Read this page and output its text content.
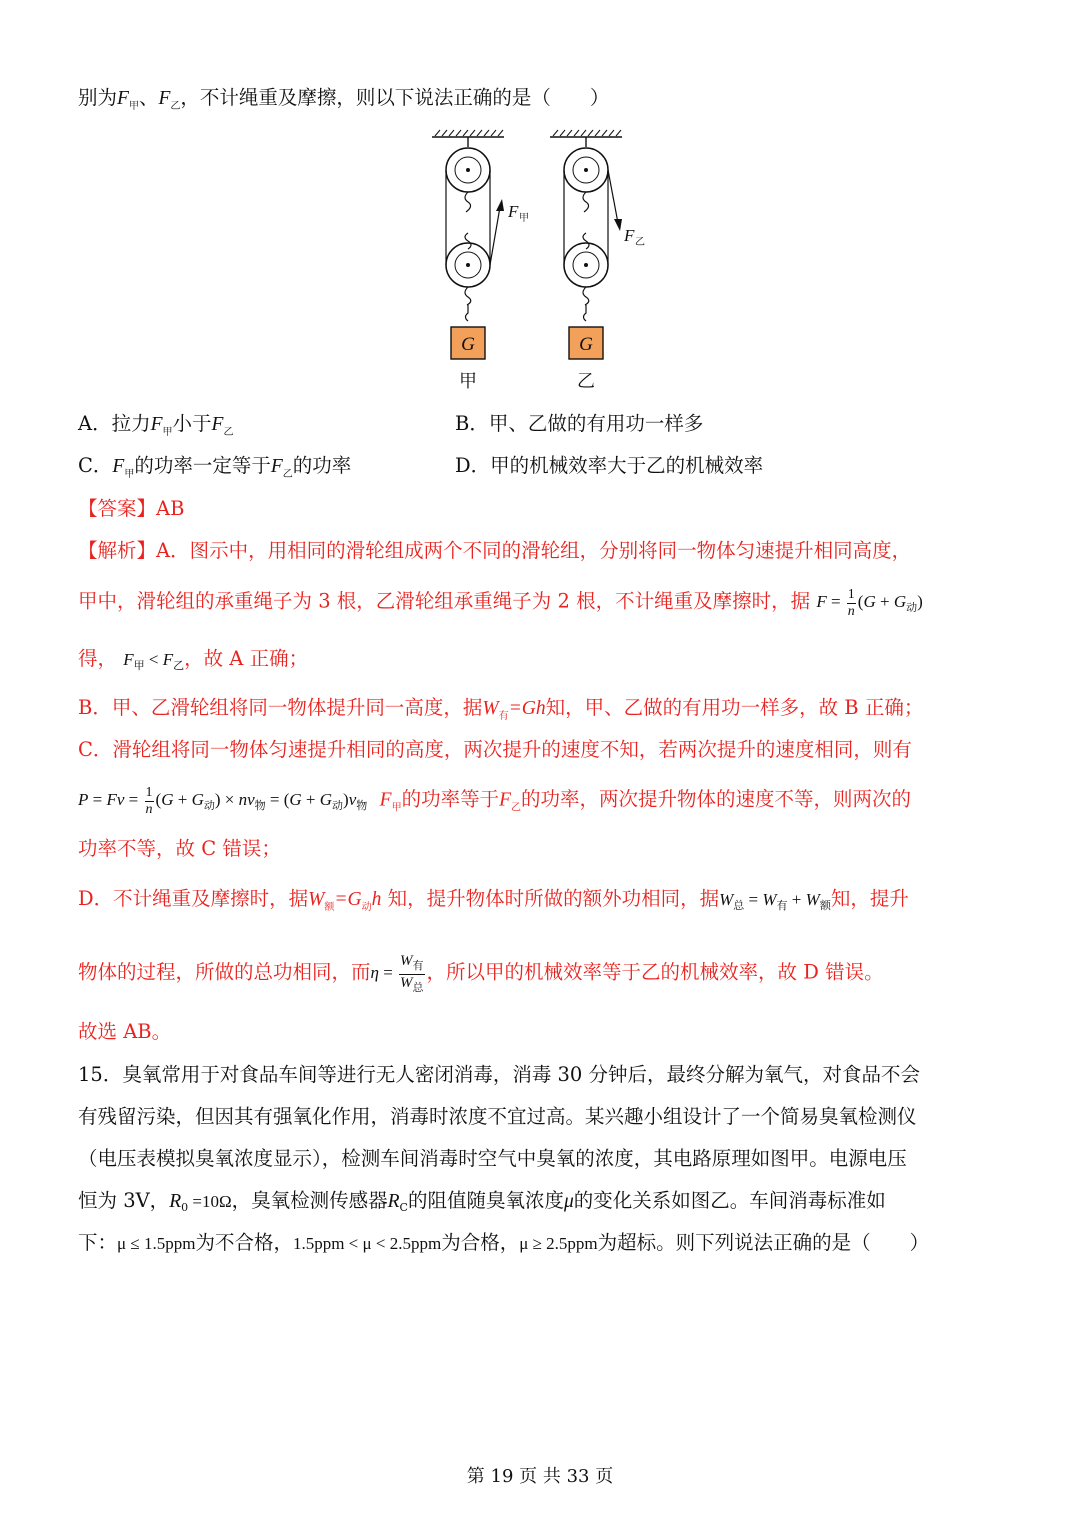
别为$F_甲$、$F_乙$，不计绳重及摩擦，则以下说法正确的是（　　）
F 甲
G
F 乙
G
甲	乙
A．拉力$F_甲$小于$F_乙$	B．甲、乙做的有用功一样多
C．$F_甲$的功率一定等于$F_乙$的功率	D．甲的机械效率大于乙的机械效率
【答案】AB
【解析】A．图示中，用相同的滑轮组成两个不同的滑轮组，分别将同一物体匀速提升相同高度，
甲中，滑轮组的承重绳子为 3 根，乙滑轮组承重绳子为 2 根，不计绳重及摩擦时，据 $F = \frac{1}{n} (G + G_动)$
得， $F_甲 < F_乙$，故 A 正确；
B．甲、乙滑轮组将同一物体提升同一高度，据$W_有=Gh$知，甲、乙做的有用功一样多，故 B 正确；
C．滑轮组将同一物体匀速提升相同的高度，两次提升的速度不知，若两次提升的速度相同，则有
$P = Fv = \frac{1}{n} (G + G_动) \times nv_物 = (G + G_动)v_物$ $F_甲$的功率等于$F_乙$的功率，两次提升物体的速度不等，则两次的
功率不等，故 C 错误；
D．不计绳重及摩擦时，据$W_额=G_动h$ 知，提升物体时所做的额外功相同，据$W_总 = W_有 + W_额$知，提升
物体的过程，所做的总功相同，而$\eta = \frac{W_有}{W_总}$ ，所以甲的机械效率等于乙的机械效率，故 D 错误。
故选 AB。
15．臭氧常用于对食品车间等进行无人密闭消毒，消毒 30 分钟后，最终分解为氧气，对食品不会
有残留污染，但因其有强氧化作用，消毒时浓度不宜过高。某兴趣小组设计了一个简易臭氧检测仪
（电压表模拟臭氧浓度显示），检测车间消毒时空气中臭氧的浓度，其电路原理如图甲。电源电压
恒为 3V，$R_0 =10\Omega$，臭氧检测传感器$R_C$的阻值随臭氧浓度μ的变化关系如图乙。车间消毒标准如
下：μ ≤ 1.5ppm为不合格，1.5ppm < μ < 2.5ppm为合格，μ ≥ 2.5ppm为超标。则下列说法正确的是（　　）
第 19 页 共 33 页
